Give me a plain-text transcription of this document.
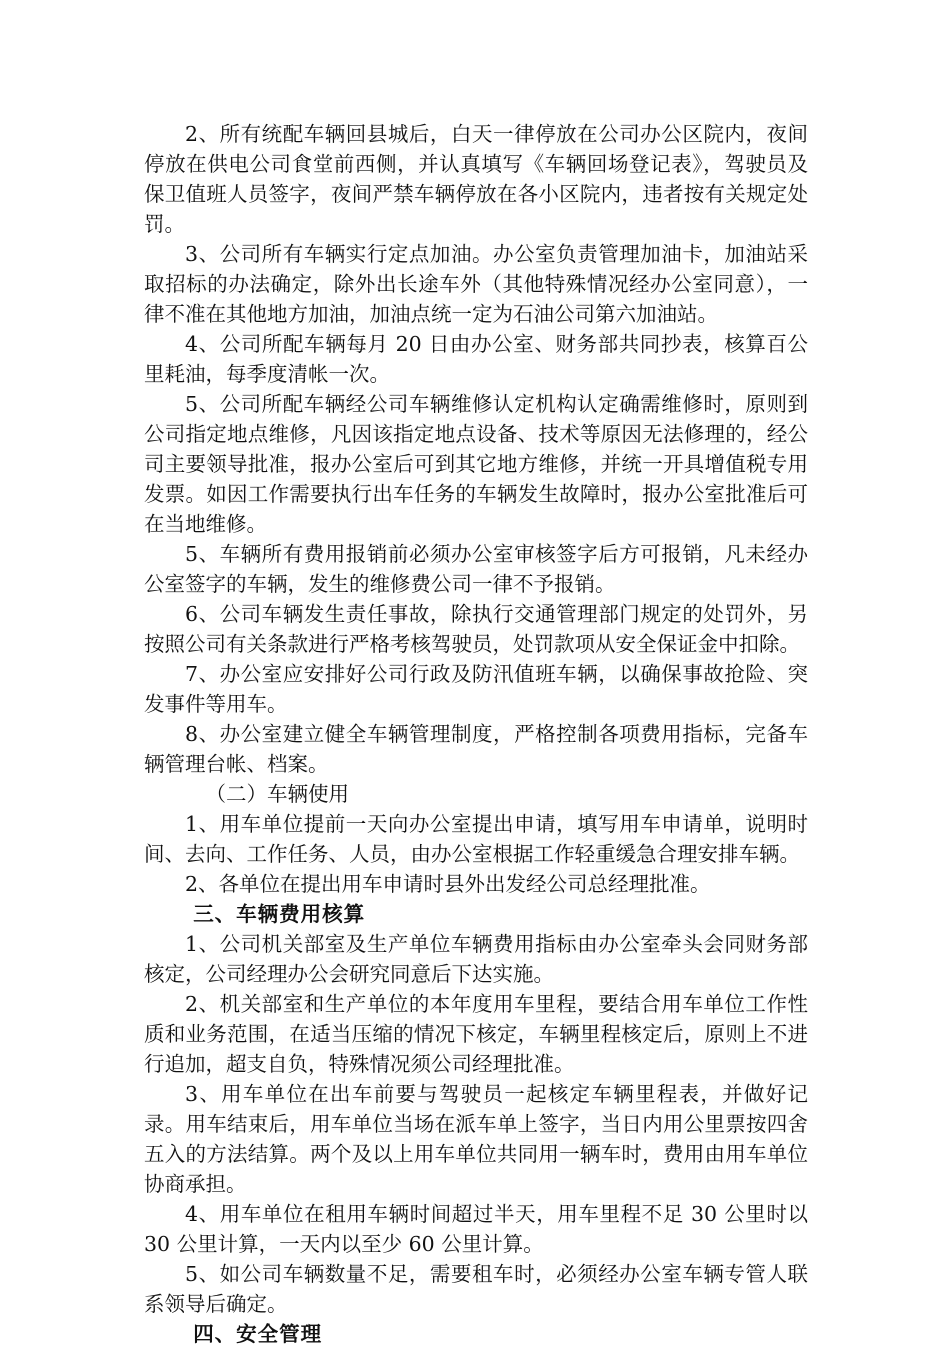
2、所有统配车辆回县城后，白天一律停放在公司办公区院内，夜间停放在供电公司食堂前西侧，并认真填写《车辆回场登记表》，驾驶员及保卫值班人员签字，夜间严禁车辆停放在各小区院内，违者按有关规定处罚。

3、公司所有车辆实行定点加油。办公室负责管理加油卡，加油站采取招标的办法确定，除外出长途车外（其他特殊情况经办公室同意），一律不准在其他地方加油，加油点统一定为石油公司第六加油站。

4、公司所配车辆每月 20 日由办公室、财务部共同抄表，核算百公里耗油，每季度清帐一次。

5、公司所配车辆经公司车辆维修认定机构认定确需维修时，原则到公司指定地点维修，凡因该指定地点设备、技术等原因无法修理的，经公司主要领导批准，报办公室后可到其它地方维修，并统一开具增值税专用发票。如因工作需要执行出车任务的车辆发生故障时，报办公室批准后可在当地维修。

5、车辆所有费用报销前必须办公室审核签字后方可报销，凡未经办公室签字的车辆，发生的维修费公司一律不予报销。

6、公司车辆发生责任事故，除执行交通管理部门规定的处罚外，另按照公司有关条款进行严格考核驾驶员，处罚款项从安全保证金中扣除。

7、办公室应安排好公司行政及防汛值班车辆，以确保事故抢险、突发事件等用车。

8、办公室建立健全车辆管理制度，严格控制各项费用指标，完备车辆管理台帐、档案。

（二）车辆使用

1、用车单位提前一天向办公室提出申请，填写用车申请单，说明时间、去向、工作任务、人员，由办公室根据工作轻重缓急合理安排车辆。

2、各单位在提出用车申请时县外出发经公司总经理批准。

三、车辆费用核算

1、公司机关部室及生产单位车辆费用指标由办公室牵头会同财务部核定，公司经理办公会研究同意后下达实施。

2、机关部室和生产单位的本年度用车里程，要结合用车单位工作性质和业务范围，在适当压缩的情况下核定，车辆里程核定后，原则上不进行追加，超支自负，特殊情况须公司经理批准。

3、用车单位在出车前要与驾驶员一起核定车辆里程表，并做好记录。用车结束后，用车单位当场在派车单上签字，当日内用公里票按四舍五入的方法结算。两个及以上用车单位共同用一辆车时，费用由用车单位协商承担。

4、用车单位在租用车辆时间超过半天，用车里程不足 30 公里时以 30 公里计算，一天内以至少 60 公里计算。

5、如公司车辆数量不足，需要租车时，必须经办公室车辆专管人联系领导后确定。

四、安全管理
